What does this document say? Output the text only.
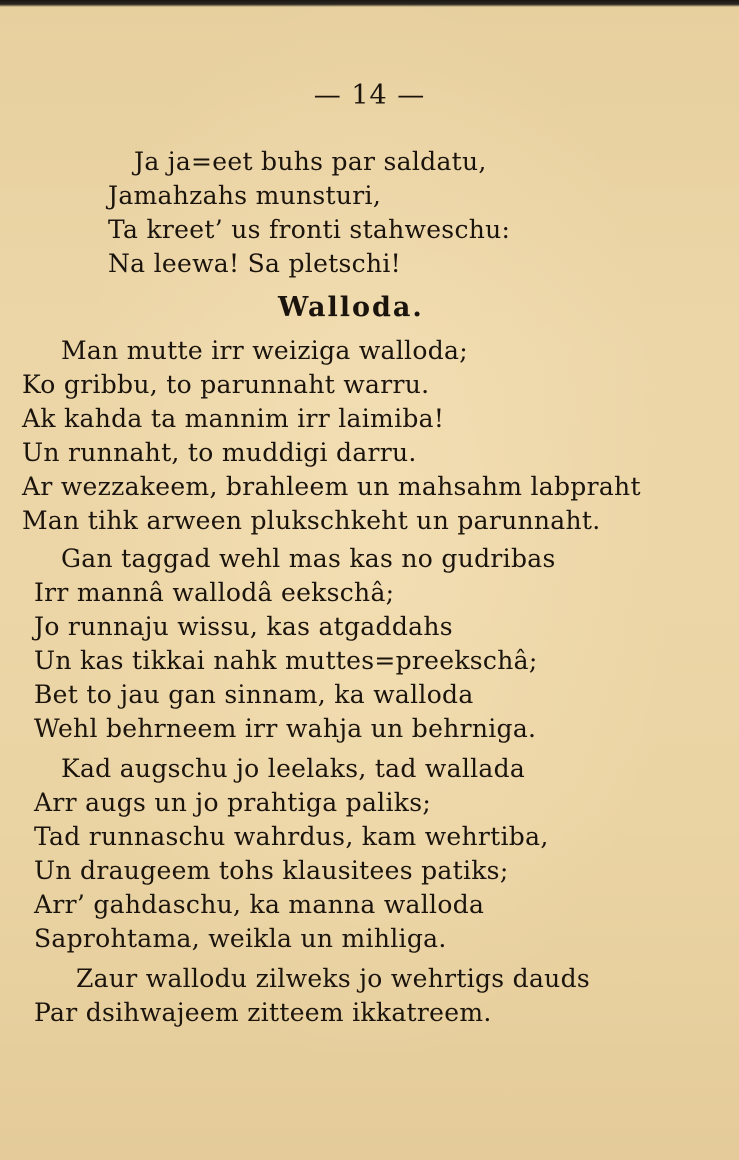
— 14 —
Ja ja=eet buhs par saldatu,
Jamahzahs munsturi,
Ta kreet’ us fronti stahweschu:
Na leewa! Sa pletschi!
Walloda.
Man mutte irr weiziga walloda;
Ko gribbu, to parunnaht warru.
Ak kahda ta mannim irr laimiba!
Un runnaht, to muddigi darru.
Ar wezzakeem, brahleem un mahsahm labpraht
Man tihk arween plukschkeht un parunnaht.
Gan taggad wehl mas kas no gudribas
Irr mannâ wallodâ eekschâ;
Jo runnaju wissu, kas atgaddahs
Un kas tikkai nahk muttes=preekschâ;
Bet to jau gan sinnam, ka walloda
Wehl behrneem irr wahja un behrniga.
Kad augschu jo leelaks, tad wallada
Arr augs un jo prahtiga paliks;
Tad runnaschu wahrdus, kam wehrtiba,
Un draugeem tohs klausitees patiks;
Arr’ gahdaschu, ka manna walloda
Saprohtama, weikla un mihliga.
Zaur wallodu zilweks jo wehrtigs dauds
Par dsihwajeem zitteem ikkatreem.
